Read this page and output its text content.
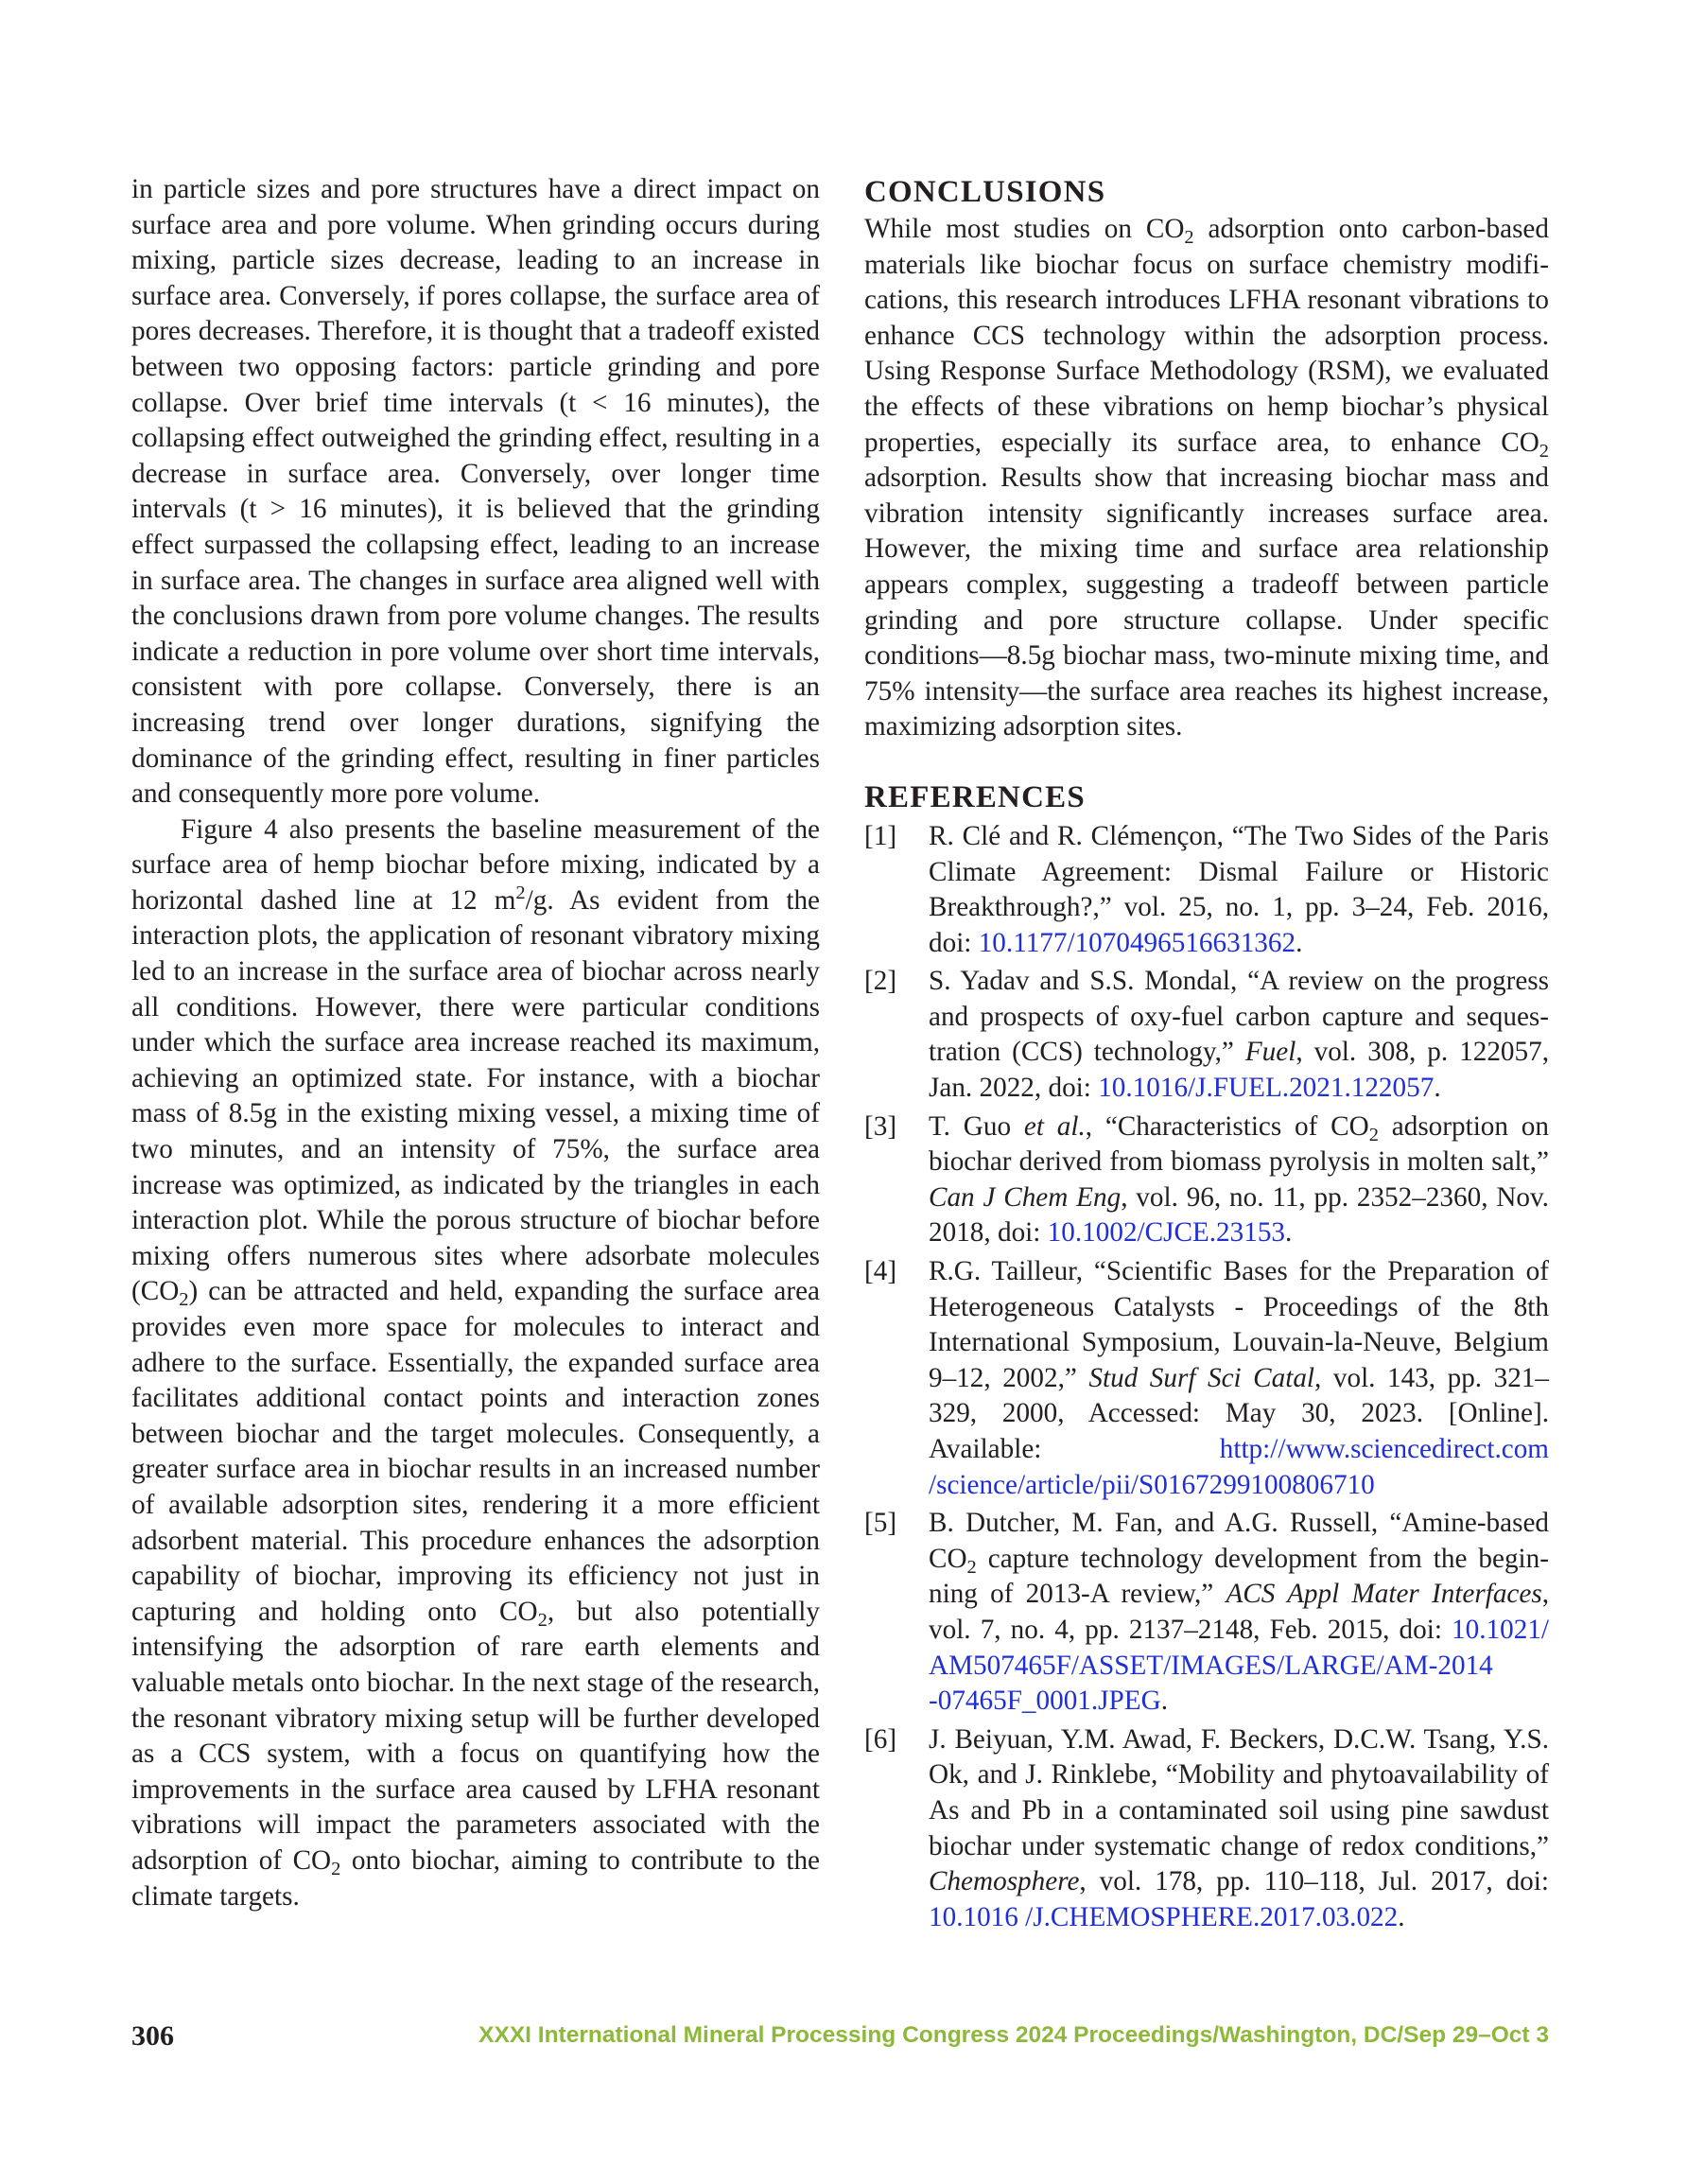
in particle sizes and pore structures have a direct impact on surface area and pore volume. When grinding occurs during mixing, particle sizes decrease, leading to an increase in surface area. Conversely, if pores collapse, the surface area of pores decreases. Therefore, it is thought that a tradeoff existed between two opposing factors: particle grinding and pore collapse. Over brief time intervals (t < 16 minutes), the collapsing effect outweighed the grinding effect, resulting in a decrease in surface area. Conversely, over longer time intervals (t > 16 minutes), it is believed that the grinding effect surpassed the collapsing effect, leading to an increase in surface area. The changes in surface area aligned well with the conclusions drawn from pore volume changes. The results indicate a reduction in pore volume over short time intervals, consistent with pore collapse. Conversely, there is an increasing trend over longer durations, signifying the dominance of the grinding effect, resulting in finer particles and consequently more pore volume.

Figure 4 also presents the baseline measurement of the surface area of hemp biochar before mixing, indicated by a horizontal dashed line at 12 $m^2/g$. As evident from the interaction plots, the application of resonant vibratory mixing led to an increase in the surface area of biochar across nearly all conditions. However, there were particular conditions under which the surface area increase reached its maximum, achieving an optimized state. For instance, with a biochar mass of 8.5g in the existing mixing vessel, a mixing time of two minutes, and an intensity of 75%, the surface area increase was optimized, as indicated by the triangles in each interaction plot. While the porous structure of biochar before mixing offers numerous sites where adsorbate molecules $(CO_2)$ can be attracted and held, expanding the surface area provides even more space for molecules to interact and adhere to the surface. Essentially, the expanded surface area facilitates additional contact points and interaction zones between biochar and the target molecules. Consequently, a greater surface area in biochar results in an increased number of available adsorption sites, rendering it a more efficient adsorbent material. This procedure enhances the adsorption capability of biochar, improving its efficiency not just in capturing and holding onto $CO_2$, but also potentially intensifying the adsorption of rare earth elements and valuable metals onto biochar. In the next stage of the research, the resonant vibratory mixing setup will be further developed as a CCS system, with a focus on quantifying how the improvements in the surface area caused by LFHA resonant vibrations will impact the parameters associated with the adsorption of $CO_2$ onto biochar, aiming to contribute to the climate targets.

CONCLUSIONS

While most studies on $CO_2$ adsorption onto carbon-based materials like biochar focus on surface chemistry modifications, this research introduces LFHA resonant vibrations to enhance CCS technology within the adsorption process. Using Response Surface Methodology (RSM), we evaluated the effects of these vibrations on hemp biochar’s physical properties, especially its surface area, to enhance $CO_2$ adsorption. Results show that increasing biochar mass and vibration intensity significantly increases surface area. However, the mixing time and surface area relationship appears complex, suggesting a tradeoff between particle grinding and pore structure collapse. Under specific conditions—8.5g biochar mass, two-minute mixing time, and 75% intensity—the surface area reaches its highest increase, maximizing adsorption sites.

REFERENCES
[1]	R. Clé and R. Clémençon, “The Two Sides of the Paris Climate Agreement: Dismal Failure or Historic Breakthrough?,” vol. 25, no. 1, pp. 3–24, Feb. 2016, doi: 10.1177/1070496516631362.
[2]	S. Yadav and S.S. Mondal, “A review on the progress and prospects of oxy-fuel carbon capture and sequestration (CCS) technology,” Fuel, vol. 308, p. 122057, Jan. 2022, doi: 10.1016/J.FUEL.2021.122057.
[3]	T. Guo et al., “Characteristics of $CO_2$ adsorption on biochar derived from biomass pyrolysis in molten salt,” Can J Chem Eng, vol. 96, no. 11, pp. 2352–2360, Nov. 2018, doi: 10.1002/CJCE.23153.
[4]	R.G. Tailleur, “Scientific Bases for the Preparation of Heterogeneous Catalysts - Proceedings of the 8th International Symposium, Louvain-la-Neuve, Belgium 9–12, 2002,” Stud Surf Sci Catal, vol. 143, pp. 321–329, 2000, Accessed: May 30, 2023. [Online]. Available: http://www.sciencedirect.com /science/article/pii/S0167299100806710
[5]	B. Dutcher, M. Fan, and A.G. Russell, “Amine-based $CO_2$ capture technology development from the beginning of 2013-A review,” ACS Appl Mater Interfaces, vol. 7, no. 4, pp. 2137–2148, Feb. 2015, doi: 10.1021/ AM507465F/ASSET/IMAGES/LARGE/AM-2014 -07465F_0001.JPEG.
[6]	J. Beiyuan, Y.M. Awad, F. Beckers, D.C.W. Tsang, Y.S. Ok, and J. Rinklebe, “Mobility and phytoavailability of As and Pb in a contaminated soil using pine sawdust biochar under systematic change of redox conditions,” Chemosphere, vol. 178, pp. 110–118, Jul. 2017, doi: 10.1016 /J.CHEMOSPHERE.2017.03.022.
306	XXXI International Mineral Processing Congress 2024 Proceedings/Washington, DC/Sep 29–Oct 3
